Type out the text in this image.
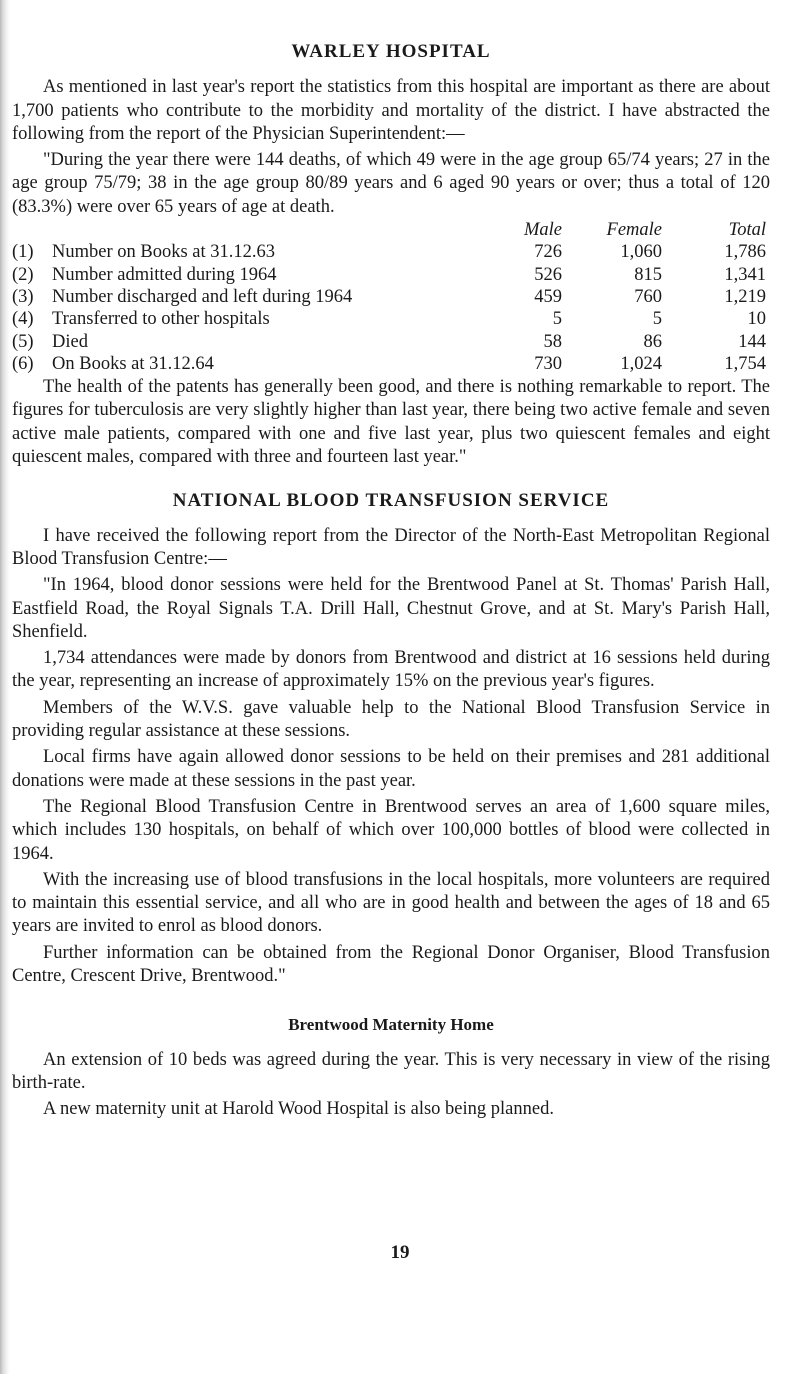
WARLEY HOSPITAL

As mentioned in last year's report the statistics from this hospital are important as there are about 1,700 patients who contribute to the morbidity and mortality of the district. I have abstracted the following from the report of the Physician Superintendent:—

"During the year there were 144 deaths, of which 49 were in the age group 65/74 years; 27 in the age group 75/79; 38 in the age group 80/89 years and 6 aged 90 years or over; thus a total of 120 (83.3%) were over 65 years of age at death.

		Male	Female	Total
(1)	Number on Books at 31.12.63	726	1,060	1,786
(2)	Number admitted during 1964	526	815	1,341
(3)	Number discharged and left during 1964	459	760	1,219
(4)	Transferred to other hospitals	5	5	10
(5)	Died	58	86	144
(6)	On Books at 31.12.64	730	1,024	1,754

The health of the patents has generally been good, and there is nothing remarkable to report. The figures for tuberculosis are very slightly higher than last year, there being two active female and seven active male patients, compared with one and five last year, plus two quiescent females and eight quiescent males, compared with three and fourteen last year."

NATIONAL BLOOD TRANSFUSION SERVICE

I have received the following report from the Director of the North-East Metropolitan Regional Blood Transfusion Centre:—

"In 1964, blood donor sessions were held for the Brentwood Panel at St. Thomas' Parish Hall, Eastfield Road, the Royal Signals T.A. Drill Hall, Chestnut Grove, and at St. Mary's Parish Hall, Shenfield.

1,734 attendances were made by donors from Brentwood and district at 16 sessions held during the year, representing an increase of approximately 15% on the previous year's figures.

Members of the W.V.S. gave valuable help to the National Blood Transfusion Service in providing regular assistance at these sessions.

Local firms have again allowed donor sessions to be held on their premises and 281 additional donations were made at these sessions in the past year.

The Regional Blood Transfusion Centre in Brentwood serves an area of 1,600 square miles, which includes 130 hospitals, on behalf of which over 100,000 bottles of blood were collected in 1964.

With the increasing use of blood transfusions in the local hospitals, more volunteers are required to maintain this essential service, and all who are in good health and between the ages of 18 and 65 years are invited to enrol as blood donors.

Further information can be obtained from the Regional Donor Organiser, Blood Transfusion Centre, Crescent Drive, Brentwood."

Brentwood Maternity Home

An extension of 10 beds was agreed during the year. This is very necessary in view of the rising birth-rate.

A new maternity unit at Harold Wood Hospital is also being planned.

19
